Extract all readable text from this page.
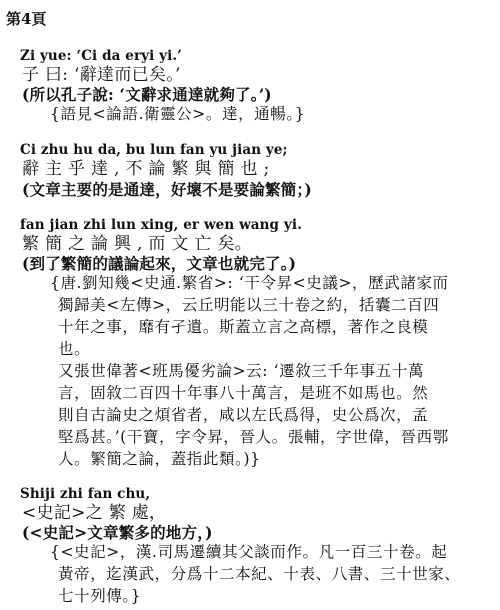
第4頁
Zi yue: ‘Ci da eryi yi.’
子 曰: ‘辭達而已矣。’
(所以孔子說: ‘文辭求通達就夠了。’)
{語見<論語.衛靈公>。達，通暢。}
Ci zhu hu da, bu lun fan yu jian ye;
辭 主 乎 達 , 不 論 繁 與 簡 也 ;
(文章主要的是通達，好壞不是要論繁簡；)
fan jian zhi lun xing, er wen wang yi.
繁 簡 之 論 興 , 而 文 亡 矣。
(到了繁簡的議論起來，文章也就完了。)
{唐.劉知幾<史通.繁省>: ‘干令昇<史議>，歷武諸家而
獨歸美<左傳>，云丘明能以三十卷之約，括囊二百四
十年之事，靡有孑遺。斯蓋立言之高標，著作之良模
也。
又張世偉著<班馬優劣論>云: ‘遷敘三千年事五十萬
言，固敘二百四十年事八十萬言，是班不如馬也。然
則自古論史之煩省者，咸以左氏爲得，史公爲次，孟
堅爲甚。’(干寶，字令昇，晉人。張輔，字世偉，晉西鄂
人。繁簡之論，蓋指此類。)}
Shiji zhi fan chu,
<史記>之 繁 處，
(<史記>文章繁多的地方，)
{<史記>，漢.司馬遷續其父談而作。凡一百三十卷。起
黃帝，迄漢武，分爲十二本紀、十表、八書、三十世家、
七十列傳。}
